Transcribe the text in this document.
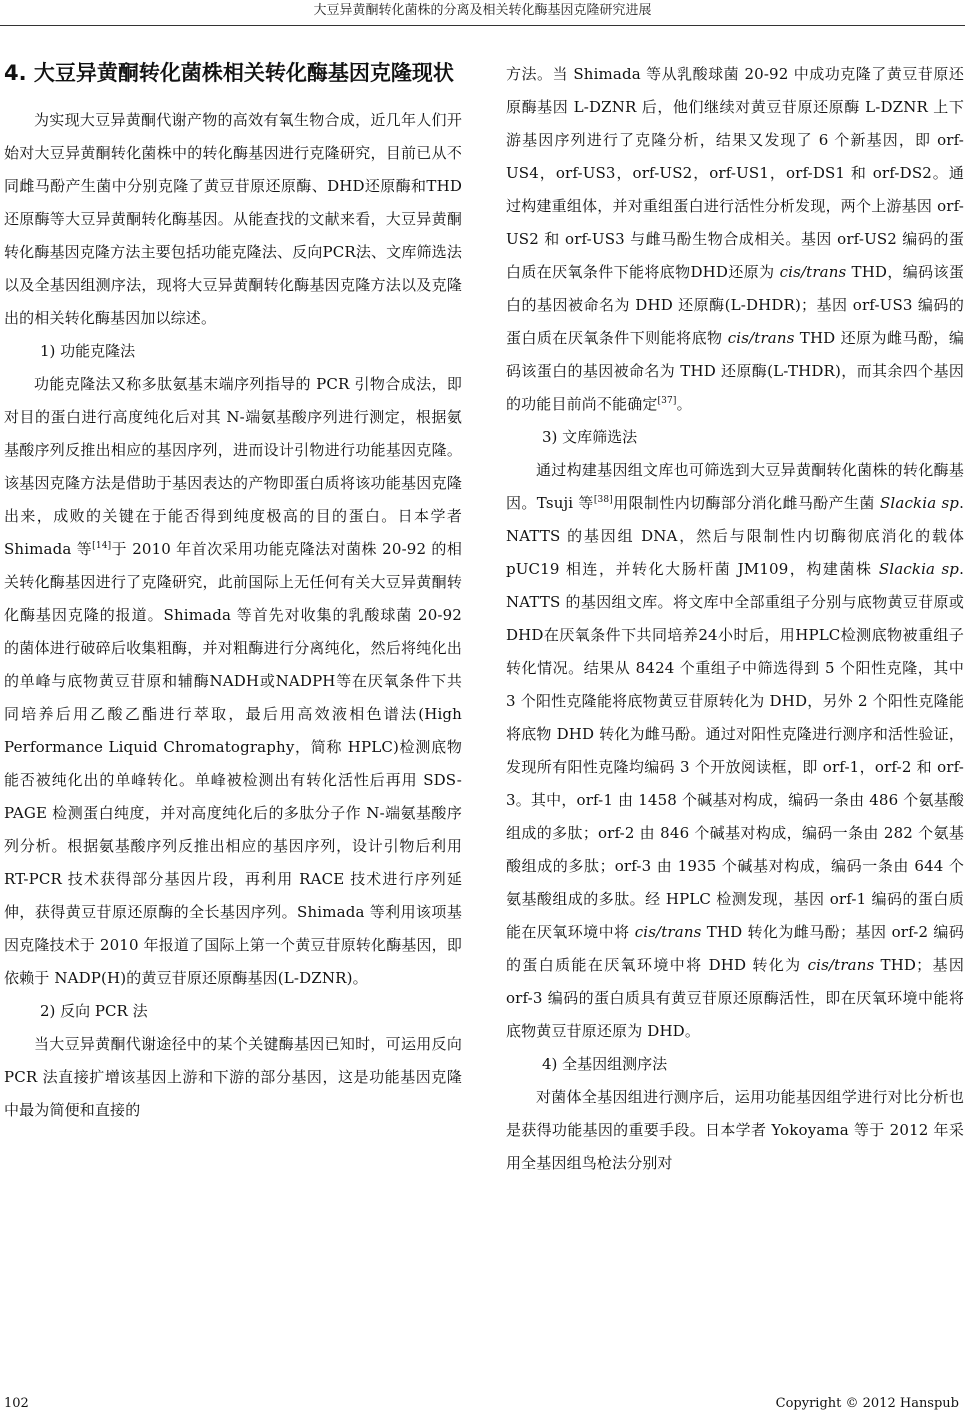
大豆异黄酮转化菌株的分离及相关转化酶基因克隆研究进展
4. 大豆异黄酮转化菌株相关转化酶基因克隆现状

为实现大豆异黄酮代谢产物的高效有氧生物合成，近几年人们开始对大豆异黄酮转化菌株中的转化酶基因进行克隆研究，目前已从不同雌马酚产生菌中分别克隆了黄豆苷原还原酶、DHD还原酶和THD还原酶等大豆异黄酮转化酶基因。从能查找的文献来看，大豆异黄酮转化酶基因克隆方法主要包括功能克隆法、反向PCR法、文库筛选法以及全基因组测序法，现将大豆异黄酮转化酶基因克隆方法以及克隆出的相关转化酶基因加以综述。

1) 功能克隆法

功能克隆法又称多肽氨基末端序列指导的 PCR 引物合成法，即对目的蛋白进行高度纯化后对其 N-端氨基酸序列进行测定，根据氨基酸序列反推出相应的基因序列，进而设计引物进行功能基因克隆。该基因克隆方法是借助于基因表达的产物即蛋白质将该功能基因克隆出来，成败的关键在于能否得到纯度极高的目的蛋白。日本学者 Shimada 等[14]于 2010 年首次采用功能克隆法对菌株 20-92 的相关转化酶基因进行了克隆研究，此前国际上无任何有关大豆异黄酮转化酶基因克隆的报道。Shimada 等首先对收集的乳酸球菌 20-92 的菌体进行破碎后收集粗酶，并对粗酶进行分离纯化，然后将纯化出的单峰与底物黄豆苷原和辅酶NADH或NADPH等在厌氧条件下共同培养后用乙酸乙酯进行萃取，最后用高效液相色谱法(High Performance Liquid Chromatography，简称 HPLC)检测底物能否被纯化出的单峰转化。单峰被检测出有转化活性后再用 SDS-PAGE 检测蛋白纯度，并对高度纯化后的多肽分子作 N-端氨基酸序列分析。根据氨基酸序列反推出相应的基因序列，设计引物后利用 RT-PCR 技术获得部分基因片段，再利用 RACE 技术进行序列延伸，获得黄豆苷原还原酶的全长基因序列。Shimada 等利用该项基因克隆技术于 2010 年报道了国际上第一个黄豆苷原转化酶基因，即依赖于 NADP(H)的黄豆苷原还原酶基因(L-DZNR)。

2) 反向 PCR 法

当大豆异黄酮代谢途径中的某个关键酶基因已知时，可运用反向 PCR 法直接扩增该基因上游和下游的部分基因，这是功能基因克隆中最为简便和直接的

方法。当 Shimada 等从乳酸球菌 20-92 中成功克隆了黄豆苷原还原酶基因 L-DZNR 后，他们继续对黄豆苷原还原酶 L-DZNR 上下游基因序列进行了克隆分析，结果又发现了 6 个新基因，即 orf-US4，orf-US3，orf-US2，orf-US1，orf-DS1 和 orf-DS2。通过构建重组体，并对重组蛋白进行活性分析发现，两个上游基因 orf-US2 和 orf-US3 与雌马酚生物合成相关。基因 orf-US2 编码的蛋白质在厌氧条件下能将底物DHD还原为 cis/trans THD，编码该蛋白的基因被命名为 DHD 还原酶(L-DHDR)；基因 orf-US3 编码的蛋白质在厌氧条件下则能将底物 cis/trans THD 还原为雌马酚，编码该蛋白的基因被命名为 THD 还原酶(L-THDR)，而其余四个基因的功能目前尚不能确定[37]。

3) 文库筛选法

通过构建基因组文库也可筛选到大豆异黄酮转化菌株的转化酶基因。Tsuji 等[38]用限制性内切酶部分消化雌马酚产生菌 Slackia sp. NATTS 的基因组 DNA，然后与限制性内切酶彻底消化的载体 pUC19 相连，并转化大肠杆菌 JM109，构建菌株 Slackia sp. NATTS 的基因组文库。将文库中全部重组子分别与底物黄豆苷原或DHD在厌氧条件下共同培养24小时后，用HPLC检测底物被重组子转化情况。结果从 8424 个重组子中筛选得到 5 个阳性克隆，其中 3 个阳性克隆能将底物黄豆苷原转化为 DHD，另外 2 个阳性克隆能将底物 DHD 转化为雌马酚。通过对阳性克隆进行测序和活性验证，发现所有阳性克隆均编码 3 个开放阅读框，即 orf-1，orf-2 和 orf-3。其中，orf-1 由 1458 个碱基对构成，编码一条由 486 个氨基酸组成的多肽；orf-2 由 846 个碱基对构成，编码一条由 282 个氨基酸组成的多肽；orf-3 由 1935 个碱基对构成，编码一条由 644 个氨基酸组成的多肽。经 HPLC 检测发现，基因 orf-1 编码的蛋白质能在厌氧环境中将 cis/trans THD 转化为雌马酚；基因 orf-2 编码的蛋白质能在厌氧环境中将 DHD 转化为 cis/trans THD；基因 orf-3 编码的蛋白质具有黄豆苷原还原酶活性，即在厌氧环境中能将底物黄豆苷原还原为 DHD。

4) 全基因组测序法

对菌体全基因组进行测序后，运用功能基因组学进行对比分析也是获得功能基因的重要手段。日本学者 Yokoyama 等于 2012 年采用全基因组鸟枪法分别对

102	Copyright © 2012 Hanspub
